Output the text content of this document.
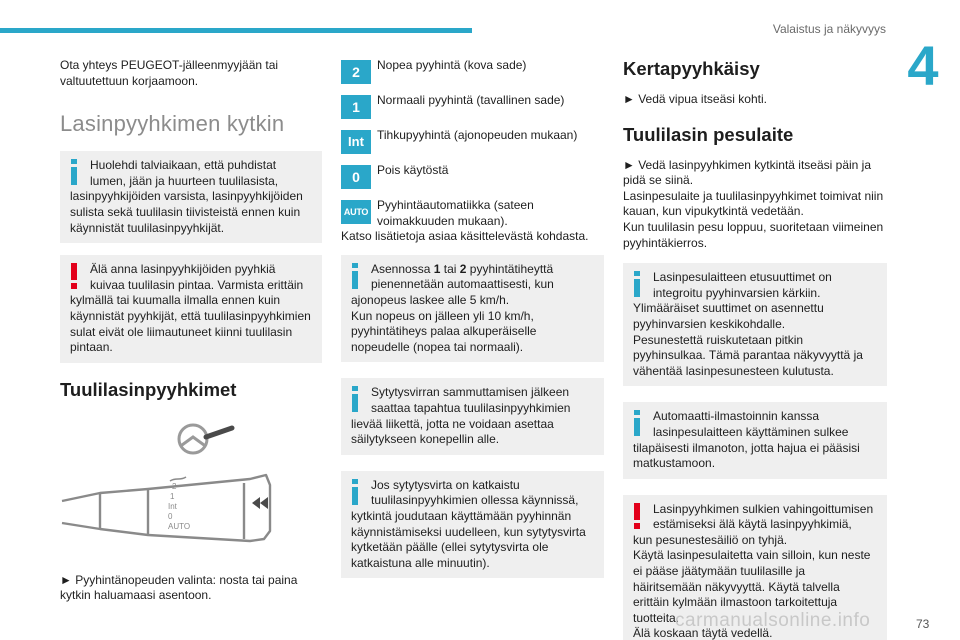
Valaistus ja näkyvyys
4

Ota yhteys PEUGEOT-jälleenmyyjään tai valtuutettuun korjaamoon.

Lasinpyyhkimen kytkin
Huolehdi talviaikaan, että puhdistat lumen, jään ja huurteen tuulilasista,
lasinpyyhkijöiden varsista, lasinpyyhkijöiden sulista sekä tuulilasin tiivisteistä ennen kuin käynnistät tuulilasinpyyhkijät.
Älä anna lasinpyyhkijöiden pyyhkiä kuivaa tuulilasin pintaa. Varmista erittäin
kylmällä tai kuumalla ilmalla ennen kuin käynnistät pyyhkijät, että tuulilasinpyyhkimien sulat eivät ole liimautuneet kiinni tuulilasin pintaan.
Tuulilasinpyyhkimet
2
1
Int
0
AUTO

► Pyyhintänopeuden valinta: nosta tai paina kytkin haluamaasi asentoon.

2	Nopea pyyhintä (kova sade)
1	Normaali pyyhintä (tavallinen sade)
Int	Tihkupyyhintä (ajonopeuden mukaan)
0	Pois käytöstä
AUTO Pyyhintäautomatiikka (sateen voimakkuuden mukaan).

Katso lisätietoja asiaa käsittelevästä kohdasta.

Asennossa 1 tai 2 pyyhintätiheyttä pienennetään automaattisesti, kun
ajonopeus laskee alle 5 km/h.
Kun nopeus on jälleen yli 10 km/h, pyyhintätiheys palaa alkuperäiselle nopeudelle (nopea tai normaali).
Sytytysvirran sammuttamisen jälkeen saattaa tapahtua tuulilasinpyyhkimien
lievää liikettä, jotta ne voidaan asettaa säilytykseen konepellin alle.
Jos sytytysvirta on katkaistu tuulilasinpyyhkimien ollessa käynnissä,
kytkintä joudutaan käyttämään pyyhinnän käynnistämiseksi uudelleen, kun sytytysvirta kytketään päälle (ellei sytytysvirta ole katkaistuna alle minuutin).
Kertapyyhkäisy

► Vedä vipua itseäsi kohti.

Tuulilasin pesulaite

► Vedä lasinpyyhkimen kytkintä itseäsi päin ja pidä se siinä.
Lasinpesulaite ja tuulilasinpyyhkimet toimivat niin kauan, kun vipukytkintä vedetään.
Kun tuulilasin pesu loppuu, suoritetaan viimeinen pyyhintäkierros.

Lasinpesulaitteen etusuuttimet on integroitu pyyhinvarsien kärkiin.
Ylimääräiset suuttimet on asennettu pyyhinvarsien keskikohdalle.
Pesunestettä ruiskutetaan pitkin pyyhinsulkaa. Tämä parantaa näkyvyyttä ja vähentää lasinpesunesteen kulutusta.
Automaatti-ilmastoinnin kanssa lasinpesulaitteen käyttäminen sulkee
tilapäisesti ilmanoton, jotta hajua ei pääsisi matkustamoon.
Lasinpyyhkimen sulkien vahingoittumisen estämiseksi älä käytä lasinpyyhkimiä,
kun pesunestesäiliö on tyhjä.
Käytä lasinpesulaitetta vain silloin, kun neste ei pääse jäätymään tuulilasille ja häiritsemään näkyvyyttä. Käytä talvella erittäin kylmään ilmastoon tarkoitettuja tuotteita.
Älä koskaan täytä vedellä.
carmanualsonline.info	73
